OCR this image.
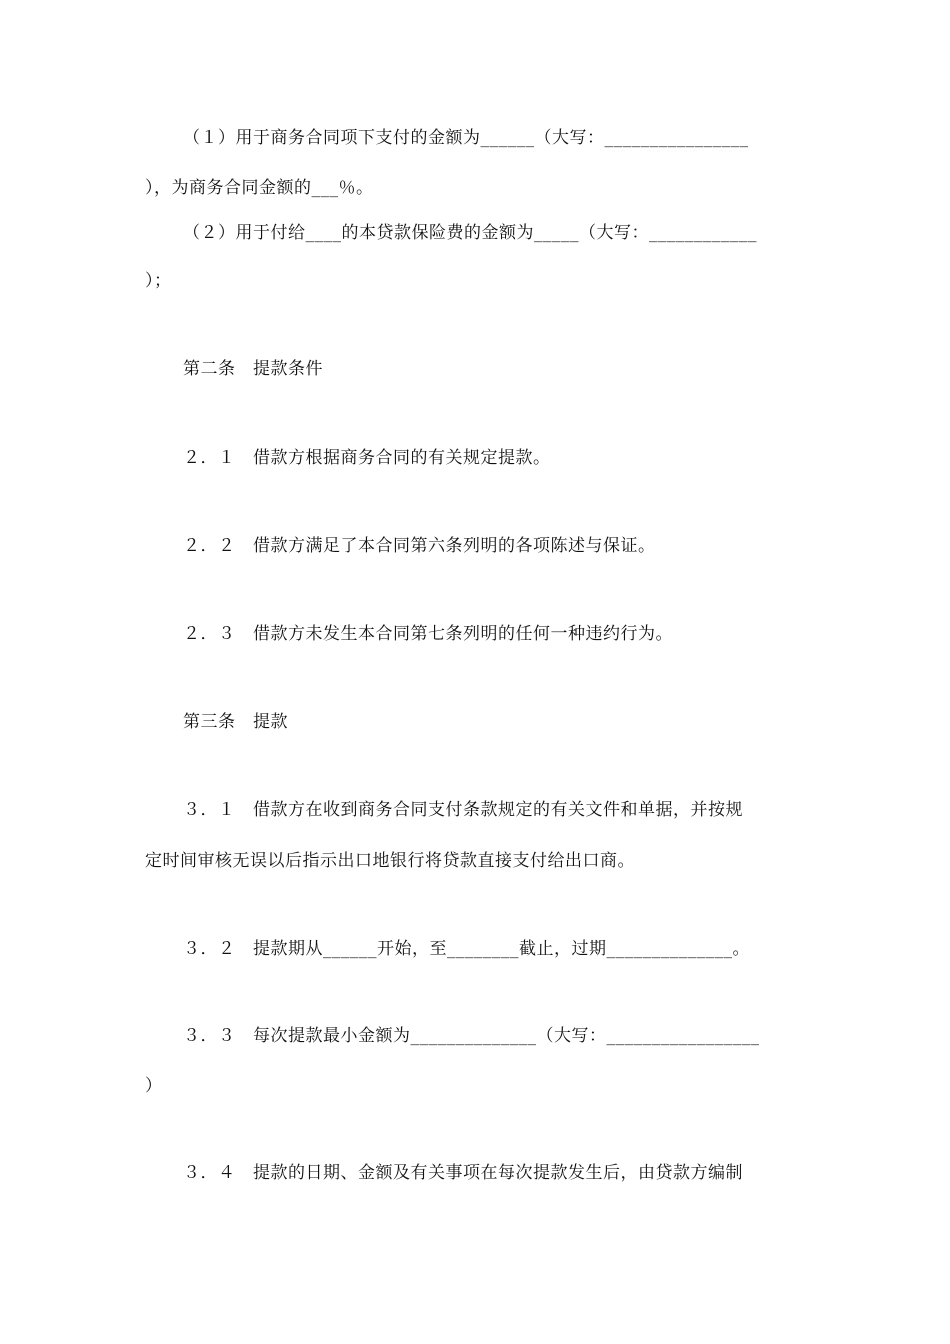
（１）用于商务合同项下支付的金额为______（大写：________________
），为商务合同金额的___％。
（２）用于付给____的本贷款保险费的金额为_____（大写：____________
）；
第二条　提款条件
２．１　借款方根据商务合同的有关规定提款。
２．２　借款方满足了本合同第六条列明的各项陈述与保证。
２．３　借款方未发生本合同第七条列明的任何一种违约行为。
第三条　提款
３．１　借款方在收到商务合同支付条款规定的有关文件和单据，并按规
定时间审核无误以后指示出口地银行将贷款直接支付给出口商。
３．２　提款期从______开始，至________截止，过期______________。
３．３　每次提款最小金额为______________（大写：_________________
）
３．４　提款的日期、金额及有关事项在每次提款发生后，由贷款方编制
